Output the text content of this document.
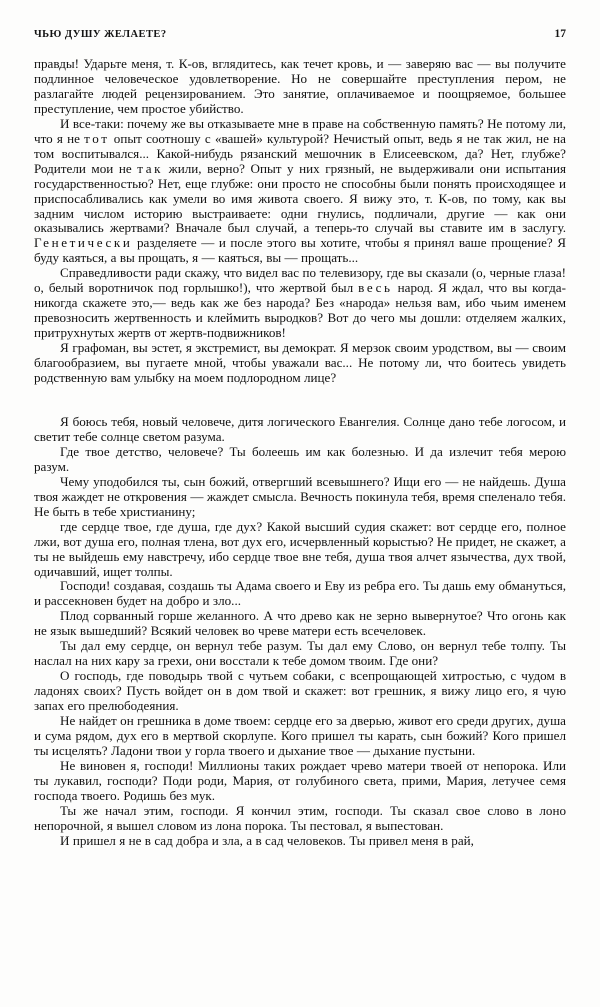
ЧЬЮ ДУШУ ЖЕЛАЕТЕ?	17

правды! Ударьте меня, т. К-ов, вглядитесь, как течет кровь, и — заверяю вас — вы получите подлинное человеческое удовлетворение. Но не совершайте преступления пером, не разлагайте людей рецензированием. Это занятие, оплачиваемое и поощряемое, большее преступление, чем простое убийство.

И все-таки: почему же вы отказываете мне в праве на собственную память? Не потому ли, что я не тот опыт соотношу с «вашей» культурой? Нечистый опыт, ведь я не так жил, не на том воспитывался... Какой-нибудь рязанский мешочник в Елисеевском, да? Нет, глубже? Родители мои не так жили, верно? Опыт у них грязный, не выдерживали они испытания государственностью? Нет, еще глубже: они просто не способны были понять происходящее и приспосабливались как умели во имя живота своего. Я вижу это, т. К-ов, по тому, как вы задним числом историю выстраиваете: одни гнулись, подличали, другие — как они оказывались жертвами? Вначале был случай, а теперь-то случай вы ставите им в заслугу. Генетически разделяете — и после этого вы хотите, чтобы я принял ваше прощение? Я буду каяться, а вы прощать, я — каяться, вы — прощать...

Справедливости ради скажу, что видел вас по телевизору, где вы сказали (о, черные глаза! о, белый воротничок под горлышко!), что жертвой был весь народ. Я ждал, что вы когда-никогда скажете это,— ведь как же без народа? Без «народа» нельзя вам, ибо чьим именем превозносить жертвенность и клеймить выродков? Вот до чего мы дошли: отделяем жалких, притрухнутых жертв от жертв-подвижников!

Я графоман, вы эстет, я экстремист, вы демократ. Я мерзок своим уродством, вы — своим благообразием, вы пугаете мной, чтобы уважали вас... Не потому ли, что боитесь увидеть родственную вам улыбку на моем подлородном лице?

Я боюсь тебя, новый человече, дитя логического Евангелия. Солнце дано тебе логосом, и светит тебе солнце светом разума.

Где твое детство, человече? Ты болеешь им как болезнью. И да излечит тебя мерою разум.

Чему уподобился ты, сын божий, отвергший всевышнего? Ищи его — не найдешь. Душа твоя жаждет не откровения — жаждет смысла. Вечность покинула тебя, время спеленало тебя. Не быть в тебе христианину;

где сердце твое, где душа, где дух? Какой высший судия скажет: вот сердце его, полное лжи, вот душа его, полная тлена, вот дух его, исчервленный корыстью? Не придет, не скажет, а ты не выйдешь ему навстречу, ибо сердце твое вне тебя, душа твоя алчет язычества, дух твой, одичавший, ищет толпы.

Господи! создавая, создашь ты Адама своего и Еву из ребра его. Ты дашь ему обмануться, и рассекновен будет на добро и зло...

Плод сорванный горше желанного. А что древо как не зерно вывернутое? Что огонь как не язык вышедший? Всякий человек во чреве матери есть всечеловек.

Ты дал ему сердце, он вернул тебе разум. Ты дал ему Слово, он вернул тебе толпу. Ты наслал на них кару за грехи, они восстали к тебе домом твоим. Где они?

О господь, где поводырь твой с чутьем собаки, с всепрощающей хитростью, с чудом в ладонях своих? Пусть войдет он в дом твой и скажет: вот грешник, я вижу лицо его, я чую запах его прелюбодеяния.

Не найдет он грешника в доме твоем: сердце его за дверью, живот его среди других, душа и сума рядом, дух его в мертвой скорлупе. Кого пришел ты карать, сын божий? Кого пришел ты исцелять? Ладони твои у горла твоего и дыхание твое — дыхание пустыни.

Не виновен я, господи! Миллионы таких рождает чрево матери твоей от непорока. Или ты лукавил, господи? Поди роди, Мария, от голубиного света, прими, Мария, летучее семя господа твоего. Родишь без мук.

Ты же начал этим, господи. Я кончил этим, господи. Ты сказал свое слово в лоно непорочной, я вышел словом из лона порока. Ты пестовал, я выпестован.

И пришел я не в сад добра и зла, а в сад человеков. Ты привел меня в рай,
